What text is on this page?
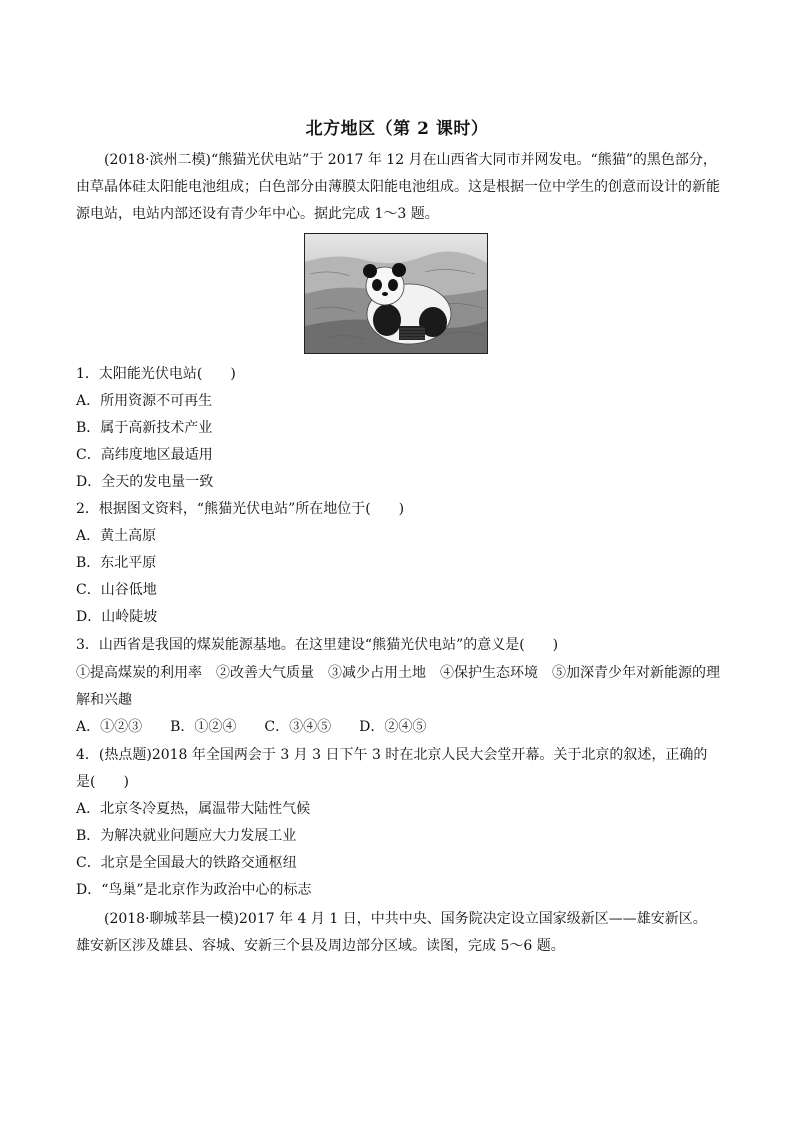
北方地区（第 2 课时）

(2018·滨州二模)“熊猫光伏电站”于 2017 年 12 月在山西省大同市并网发电。“熊猫”的黑色部分，由草晶体硅太阳能电池组成；白色部分由薄膜太阳能电池组成。这是根据一位中学生的创意而设计的新能源电站，电站内部还设有青少年中心。据此完成 1～3 题。

1．太阳能光伏电站(　　)
A．所用资源不可再生
B．属于高新技术产业
C．高纬度地区最适用
D．全天的发电量一致
2．根据图文资料，“熊猫光伏电站”所在地位于(　　)
A．黄土高原
B．东北平原
C．山谷低地
D．山岭陡坡
3．山西省是我国的煤炭能源基地。在这里建设“熊猫光伏电站”的意义是(　　)
①提高煤炭的利用率　②改善大气质量　③减少占用土地　④保护生态环境　⑤加深青少年对新能源的理解和兴趣
A．①②③　　B．①②④　　C．③④⑤　　D．②④⑤
4．(热点题)2018 年全国两会于 3 月 3 日下午 3 时在北京人民大会堂开幕。关于北京的叙述，正确的是(　　)
A．北京冬冷夏热，属温带大陆性气候
B．为解决就业问题应大力发展工业
C．北京是全国最大的铁路交通枢纽

(2018·聊城莘县一模)2017 年 4 月 1 日，中共中央、国务院决定设立国家级新区——雄安新区。雄安新区涉及雄县、容城、安新三个县及周边部分区域。读图，完成 5～6 题。

D．“鸟巢”是北京作为政治中心的标志
